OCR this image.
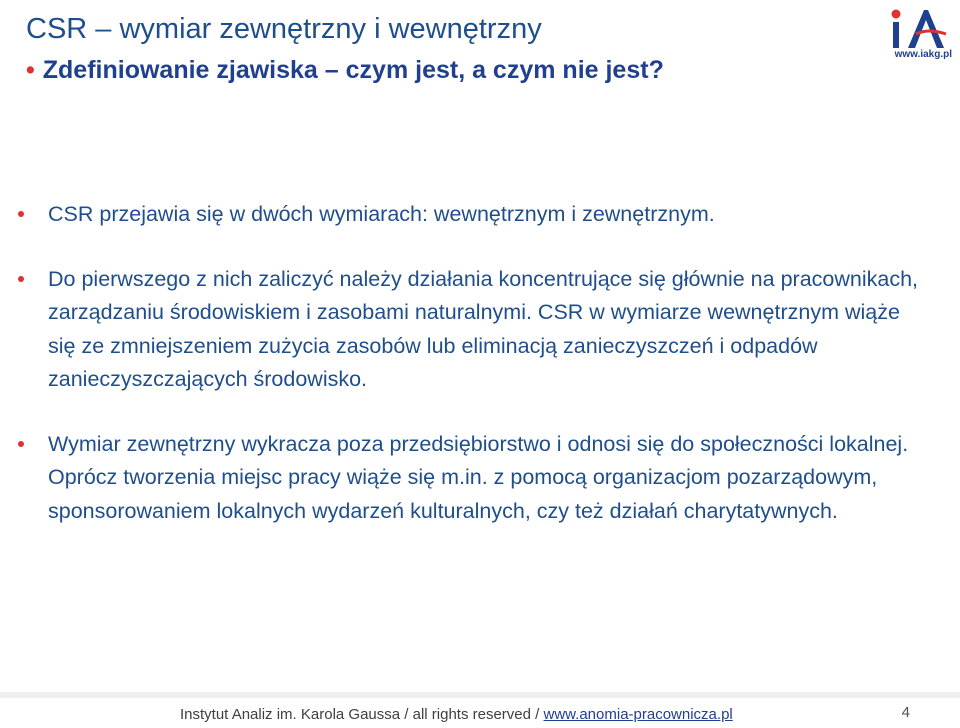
CSR – wymiar zewnętrzny i wewnętrzny
• Zdefiniowanie zjawiska – czym jest, a czym nie jest?
www.iakg.pl
CSR przejawia się w dwóch wymiarach: wewnętrznym i zewnętrznym.
Do pierwszego z nich zaliczyć należy działania koncentrujące się głównie na pracownikach, zarządzaniu środowiskiem i zasobami naturalnymi. CSR w wymiarze wewnętrznym wiąże się ze zmniejszeniem zużycia zasobów lub eliminacją zanieczyszczeń i odpadów zanieczyszczających środowisko.
Wymiar zewnętrzny wykracza poza przedsiębiorstwo i odnosi się do społeczności lokalnej. Oprócz tworzenia miejsc pracy wiąże się m.in. z pomocą organizacjom pozarządowym, sponsorowaniem lokalnych wydarzeń kulturalnych, czy też działań charytatywnych.
Instytut Analiz im. Karola Gaussa / all rights reserved / www.anomia-pracownicza.pl	4
